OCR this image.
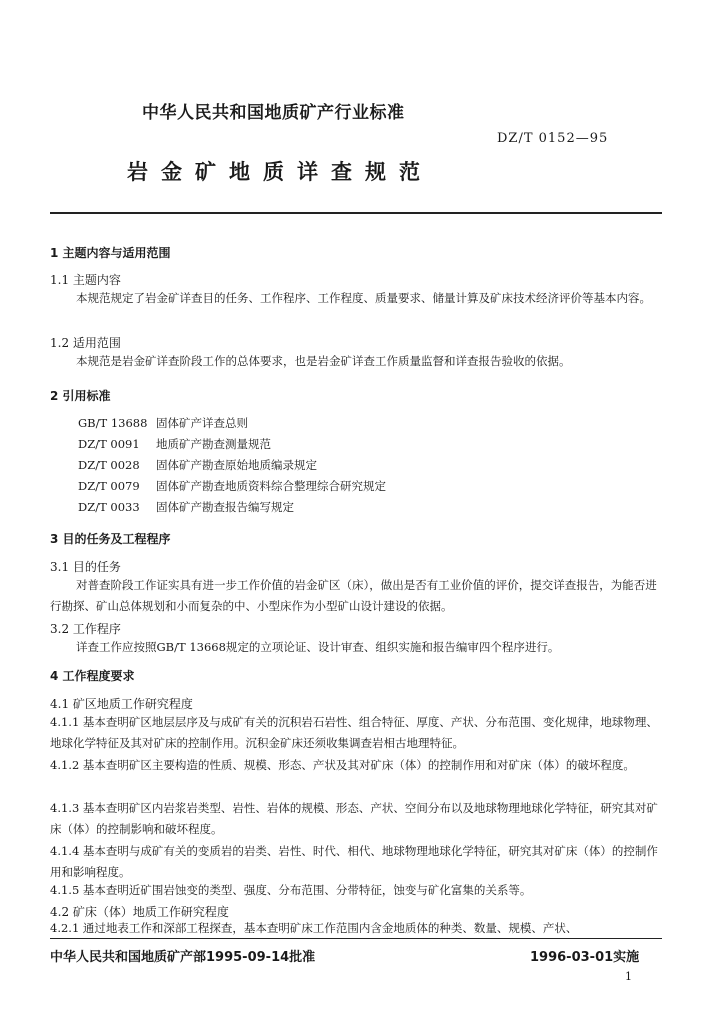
中华人民共和国地质矿产行业标准
DZ/T 0152—95
岩金矿地质详查规范
1 主题内容与适用范围
1.1 主题内容
本规范规定了岩金矿详查目的任务、工作程序、工作程度、质量要求、储量计算及矿床技术经济评价等基本内容。
1.2 适用范围
本规范是岩金矿详查阶段工作的总体要求，也是岩金矿详查工作质量监督和详查报告验收的依据。
2 引用标准
GB/T 13688 固体矿产详查总则
DZ/T 0091 地质矿产勘查测量规范
DZ/T 0028 固体矿产勘查原始地质编录规定
DZ/T 0079 固体矿产勘查地质资料综合整理综合研究规定
DZ/T 0033 固体矿产勘查报告编写规定
3 目的任务及工程程序
3.1 目的任务
对普查阶段工作证实具有进一步工作价值的岩金矿区（床），做出是否有工业价值的评价，提交详查报告，为能否进行勘探、矿山总体规划和小而复杂的中、小型床作为小型矿山设计建设的依据。
3.2 工作程序
详查工作应按照GB/T 13668规定的立项论证、设计审查、组织实施和报告编审四个程序进行。
4 工作程度要求
4.1 矿区地质工作研究程度
4.1.1 基本查明矿区地层层序及与成矿有关的沉积岩石岩性、组合特征、厚度、产状、分布范围、变化规律，地球物理、地球化学特征及其对矿床的控制作用。沉积金矿床还须收集调查岩相古地理特征。
4.1.2 基本查明矿区主要构造的性质、规模、形态、产状及其对矿床（体）的控制作用和对矿床（体）的破坏程度。
4.1.3 基本查明矿区内岩浆岩类型、岩性、岩体的规模、形态、产状、空间分布以及地球物理地球化学特征，研究其对矿床（体）的控制影响和破坏程度。
4.1.4 基本查明与成矿有关的变质岩的岩类、岩性、时代、相代、地球物理地球化学特征，研究其对矿床（体）的控制作用和影响程度。
4.1.5 基本查明近矿围岩蚀变的类型、强度、分布范围、分带特征，蚀变与矿化富集的关系等。
4.2 矿床（体）地质工作研究程度
4.2.1 通过地表工作和深部工程探查，基本查明矿床工作范围内含金地质体的种类、数量、规模、产状、
中华人民共和国地质矿产部1995-09-14批准	1996-03-01实施
1
